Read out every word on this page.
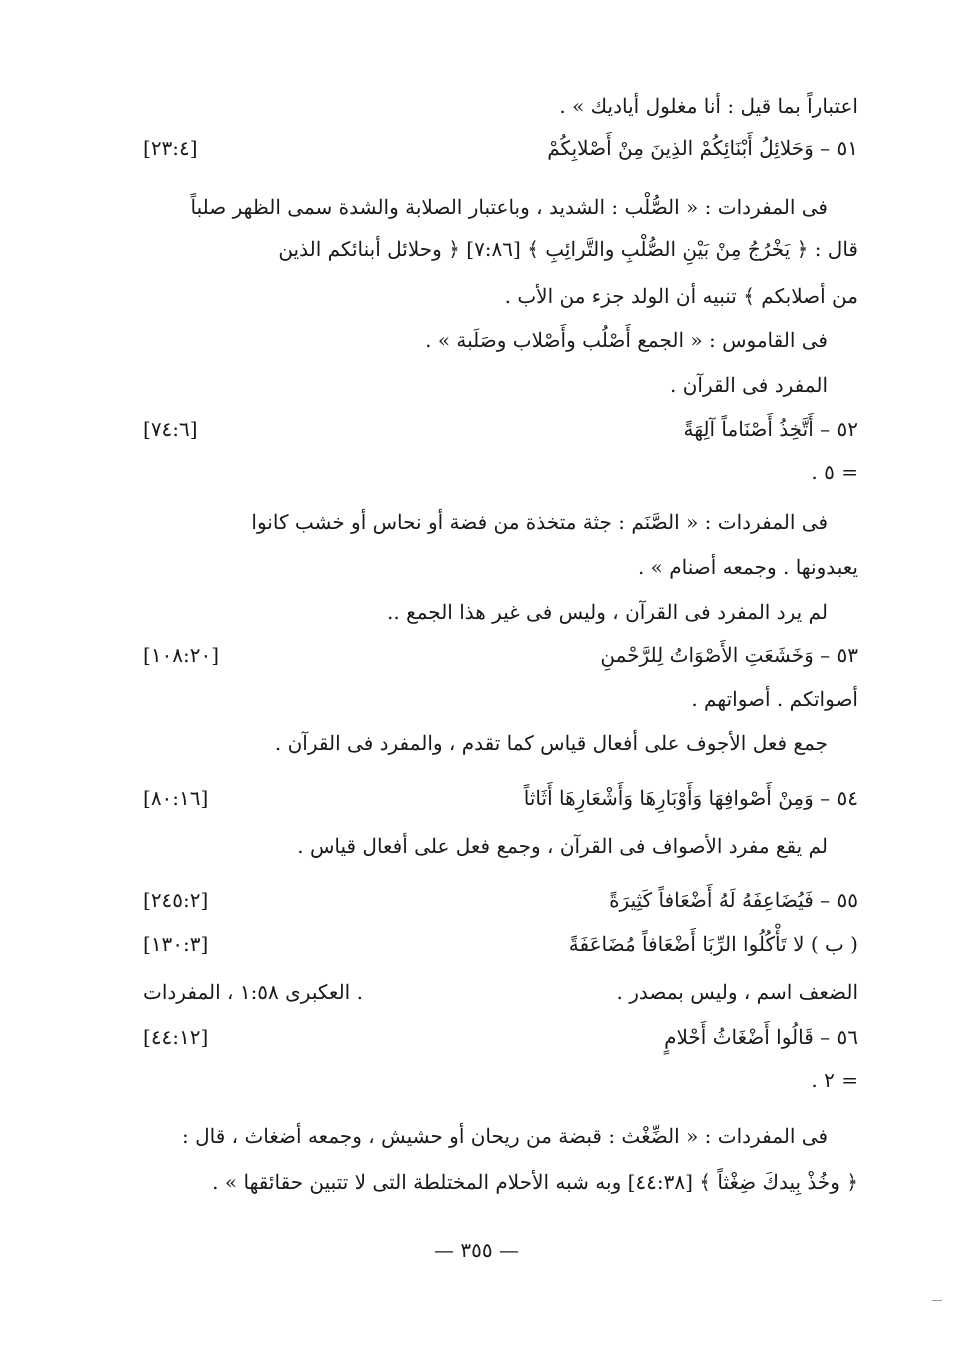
اعتباراً بما قيل : أنا مغلول أياديك » .
٥١ – وَحَلائِلُ أَبْنَائِكُمْ الذِينَ مِنْ أَصْلابِكُمْ
[٢٣:٤]
فى المفردات : « الصُّلْب : الشديد ، وباعتبار الصلابة والشدة سمى الظهر صلباً
قال : ﴿ يَخْرُجُ مِنْ بَيْنِ الصُّلْبِ والتَّرائِبِ ﴾ [٧:٨٦] ﴿ وحلائل أبنائكم الذين
من أصلابكم ﴾ تنبيه أن الولد جزء من الأب .
فى القاموس : « الجمع أَصْلُب وأَصْلاب وصَلَبة » .
المفرد فى القرآن .
٥٢ – أَتَّخِذُ أَصْنَاماً آلِهَةً
[٧٤:٦]
= ٥ .
فى المفردات : « الصَّنَم : جثة متخذة من فضة أو نحاس أو خشب كانوا
يعبدونها . وجمعه أصنام » .
لم يرد المفرد فى القرآن ، وليس فى غير هذا الجمع ..
٥٣ – وَخَشَعَتِ الأَصْوَاتُ لِلرَّحْمنِ
[١٠٨:٢٠]
أصواتكم . أصواتهم .
جمع فعل الأجوف على أفعال قياس كما تقدم ، والمفرد فى القرآن .
٥٤ – وَمِنْ أَصْوافِهَا وَأَوْبَارِهَا وَأَشْعَارِهَا أَثَاثاً
[٨٠:١٦]
لم يقع مفرد الأصواف فى القرآن ، وجمع فعل على أفعال قياس .
٥٥ – فَيُضَاعِفَهُ لَهُ أَضْعَافاً كَثِيرَةً
[٢٤٥:٢]
( ب ) لا تَأْكُلُوا الرِّبَا أَضْعَافاً مُضَاعَفَةً
[١٣٠:٣]
الضعف اسم ، وليس بمصدر .
العكبرى ١:٥٨ ، المفردات .
٥٦ – قَالُوا أَضْغَاثُ أَحْلامٍ
[٤٤:١٢]
= ٢ .
فى المفردات : « الضِّغْث : قبضة من ريحان أو حشيش ، وجمعه أضغاث ، قال :
﴿ وخُذْ بِيدكَ ضِغْثاً ﴾ [٤٤:٣٨] وبه شبه الأحلام المختلطة التى لا تتبين حقائقها » .
— ٣٥٥ —
